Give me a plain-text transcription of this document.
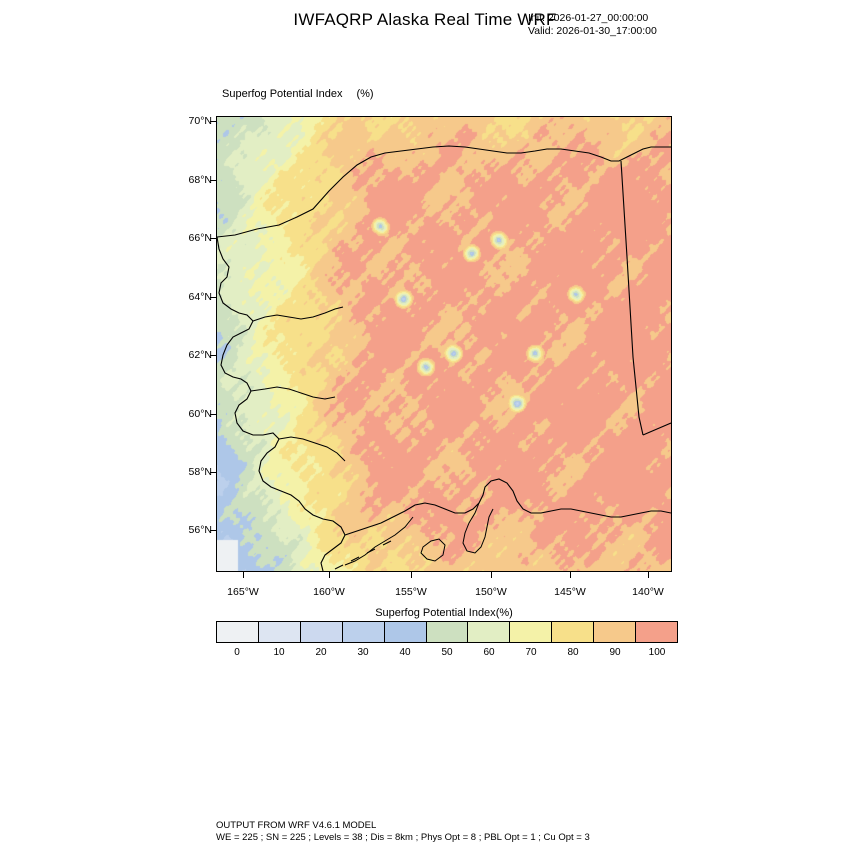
IWFAQRP Alaska Real Time WRF
Init: 2026-01-27_00:00:00
Valid: 2026-01-30_17:00:00
Superfog Potential Index (%)
70°N
68°N
66°N
64°N
62°N
60°N
58°N
56°N
165°W	160°W	155°W	150°W	145°W	140°W
Superfog Potential Index(%)
0	10	20	30	40	50	60	70	80	90	100
OUTPUT FROM WRF V4.6.1 MODEL
WE = 225 ; SN = 225 ; Levels = 38 ; Dis = 8km ; Phys Opt = 8 ; PBL Opt = 1 ; Cu Opt = 3
